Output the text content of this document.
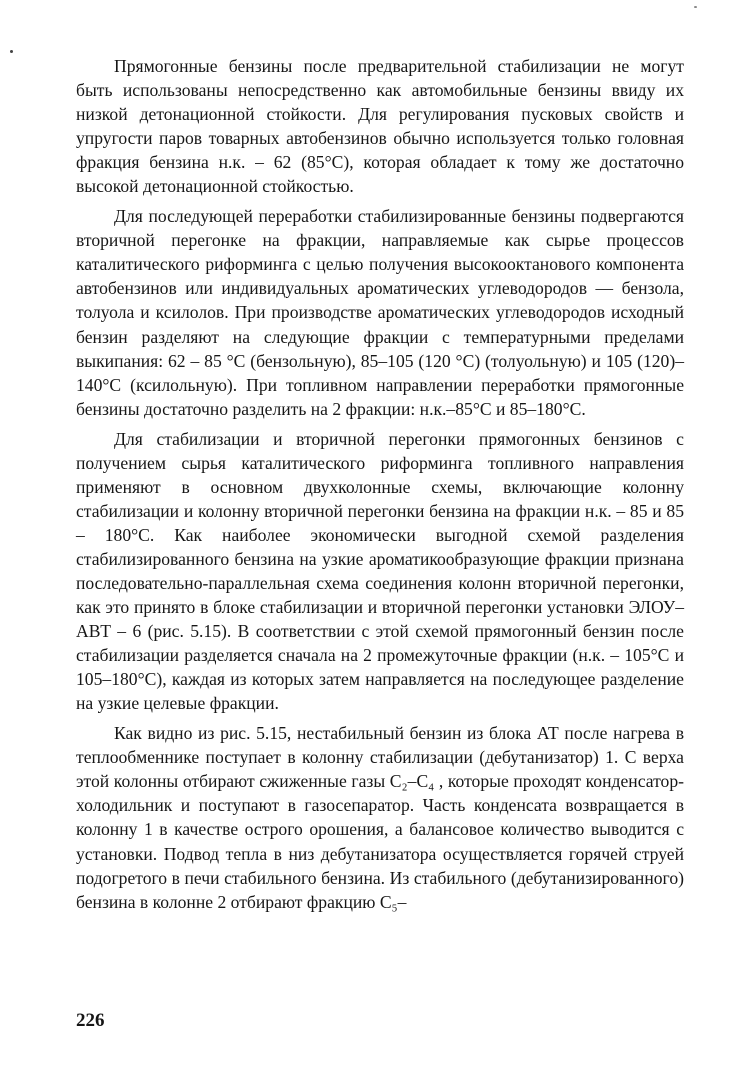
Прямогонные бензины после предварительной стабилизации не могут быть использованы непосредственно как автомобильные бензины ввиду их низкой детонационной стойкости. Для регулирования пусковых свойств и упругости паров товарных автобензинов обычно используется только головная фракция бензина н.к. – 62 (85°С), которая обладает к тому же достаточно высокой детонационной стойкостью.

Для последующей переработки стабилизированные бензины подвергаются вторичной перегонке на фракции, направляемые как сырье процессов каталитического риформинга с целью получения высокооктанового компонента автобензинов или индивидуальных ароматических углеводородов — бензола, толуола и ксилолов. При производстве ароматических углеводородов исходный бензин разделяют на следующие фракции с температурными пределами выкипания: 62 – 85 °С (бензольную), 85–105 (120 °С) (толуольную) и 105 (120)–140°С (ксилольную). При топливном направлении переработки прямогонные бензины достаточно разделить на 2 фракции: н.к.–85°С и 85–180°С.

Для стабилизации и вторичной перегонки прямогонных бензинов с получением сырья каталитического риформинга топливного направления применяют в основном двухколонные схемы, включающие колонну стабилизации и колонну вторичной перегонки бензина на фракции н.к. – 85 и 85 – 180°С. Как наиболее экономически выгодной схемой разделения стабилизированного бензина на узкие ароматикообразующие фракции признана последовательно-параллельная схема соединения колонн вторичной перегонки, как это принято в блоке стабилизации и вторичной перегонки установки ЭЛОУ–АВТ – 6 (рис. 5.15). В соответствии с этой схемой прямогонный бензин после стабилизации разделяется сначала на 2 промежуточные фракции (н.к. – 105°С и 105–180°С), каждая из которых затем направляется на последующее разделение на узкие целевые фракции.

Как видно из рис. 5.15, нестабильный бензин из блока АТ после нагрева в теплообменнике поступает в колонну стабилизации (дебутанизатор) 1. С верха этой колонны отбирают сжиженные газы С₂–С₄ , которые проходят конденсатор-холодильник и поступают в газосепаратор. Часть конденсата возвращается в колонну 1 в качестве острого орошения, а балансовое количество выводится с установки. Подвод тепла в низ дебутанизатора осуществляется горячей струей подогретого в печи стабильного бензина. Из стабильного (дебутанизированного) бензина в колонне 2 отбирают фракцию С₅–

226
